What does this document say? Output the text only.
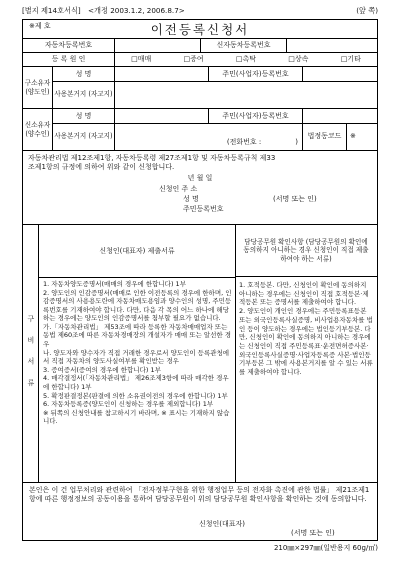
[별지 제14호서식] <개정 2003.1.2, 2006.8.7>	(앞 쪽)
※제 호	이전등록신청서
자동차등록번호	신자동차등록번호
등 록 원 인	□매매	□증여	□촉탁	□상속	□기타
구소유자 (양도인)
성 명	주민(사업자)등록번호
사용본거지 (자고지)
신소유자 (양수인)
성 명	주민(사업자)등록번호
사용본거지 (자고지)
(전화번호 :	)
법정동코드	※
자동차관리법 제12조제1항, 자동차등록령 제27조제1항 및 자동차등록규칙 제33
조제1항의 규정에 의하여 위와 같이 신청합니다.
년 월 일
신청인 주 소
성 명	(서명 또는 인)
주민등록번호
구 비 서 류
신청인(대표자) 제출서류
1. 자동차양도증명서(매매의 경우에 한합니다) 1부
2. 양도인의 인감증명서(매매로 인한 이전등록의 경우에 한하며, 인감증명서의 사용용도란에 자동차매도용임과 양수인의 성명, 주민등록번호를 기재하여야 합니다. 다만, 다음 각 목의 어느 하나에 해당하는 경우에는 양도인의 인감증명서를 첨부할 필요가 없습니다.
가.「자동차관리법」 제53조에 따라 등록한 자동차매매업자 또는 동법 제60조에 따른 자동차경매장의 개설자가 매매 또는 알선한 경우
나. 양도자와 양수자가 직접 거래한 경우로서 양도인이 등록관청에서 직접 자동차의 양도사실여부를 확인받는 경우
3. 증여증서(증여의 경우에 한합니다) 1부
4. 매각결정서(「자동차관리법」 제26조제3항에 따라 매각한 경우에 한합니다) 1부
5. 확정판결정본(판결에 의한 소유권이전의 경우에 한합니다) 1부
6. 자동차등록증(양도인이 신청하는 경우를 제외합니다) 1부
※ 뒤쪽의 신청안내를 참고하시기 바라며, ※ 표시는 기재하지 않습니다.
담당공무원 확인사항 (담당공무원의 확인에 동의하지 아니하는 경우 신청인이 직접 제출하여야 하는 서류)
1. 호적등본. 다만, 신청인이 확인에 동의하지 아니하는 경우에는 신청인이 직접 호적등본·제적등본 또는 증명서를 제출하여야 합니다.
2. 양도인이 개인인 경우에는 주민등록표등본 또는 외국인등록사실증명, 비사업용자동차를 법인 등이 양도하는 경우에는 법인등기부등본. 다만, 신청인이 확인에 동의하지 아니하는 경우에는 신청인이 직접 주민등록표·운전면허증사본·외국인등록사실증명·사업자등록증 사본·법인등기부등본 그 밖에 사용본거지를 알 수 있는 서류를 제출하여야 합니다.
본인은 이 건 업무처리와 관련하여 「전자정부구현을 위한 행정업무 등의 전자화 촉진에 관한 법률」 제21조제1항에 따른 행정정보의 공동이용을 통하여 담당공무원이 위의 담당공무원 확인사항을 확인하는 것에 동의합니다.
신청인(대표자)
(서명 또는 인)
210㎜×297㎜(일반용지 60g/㎡)
